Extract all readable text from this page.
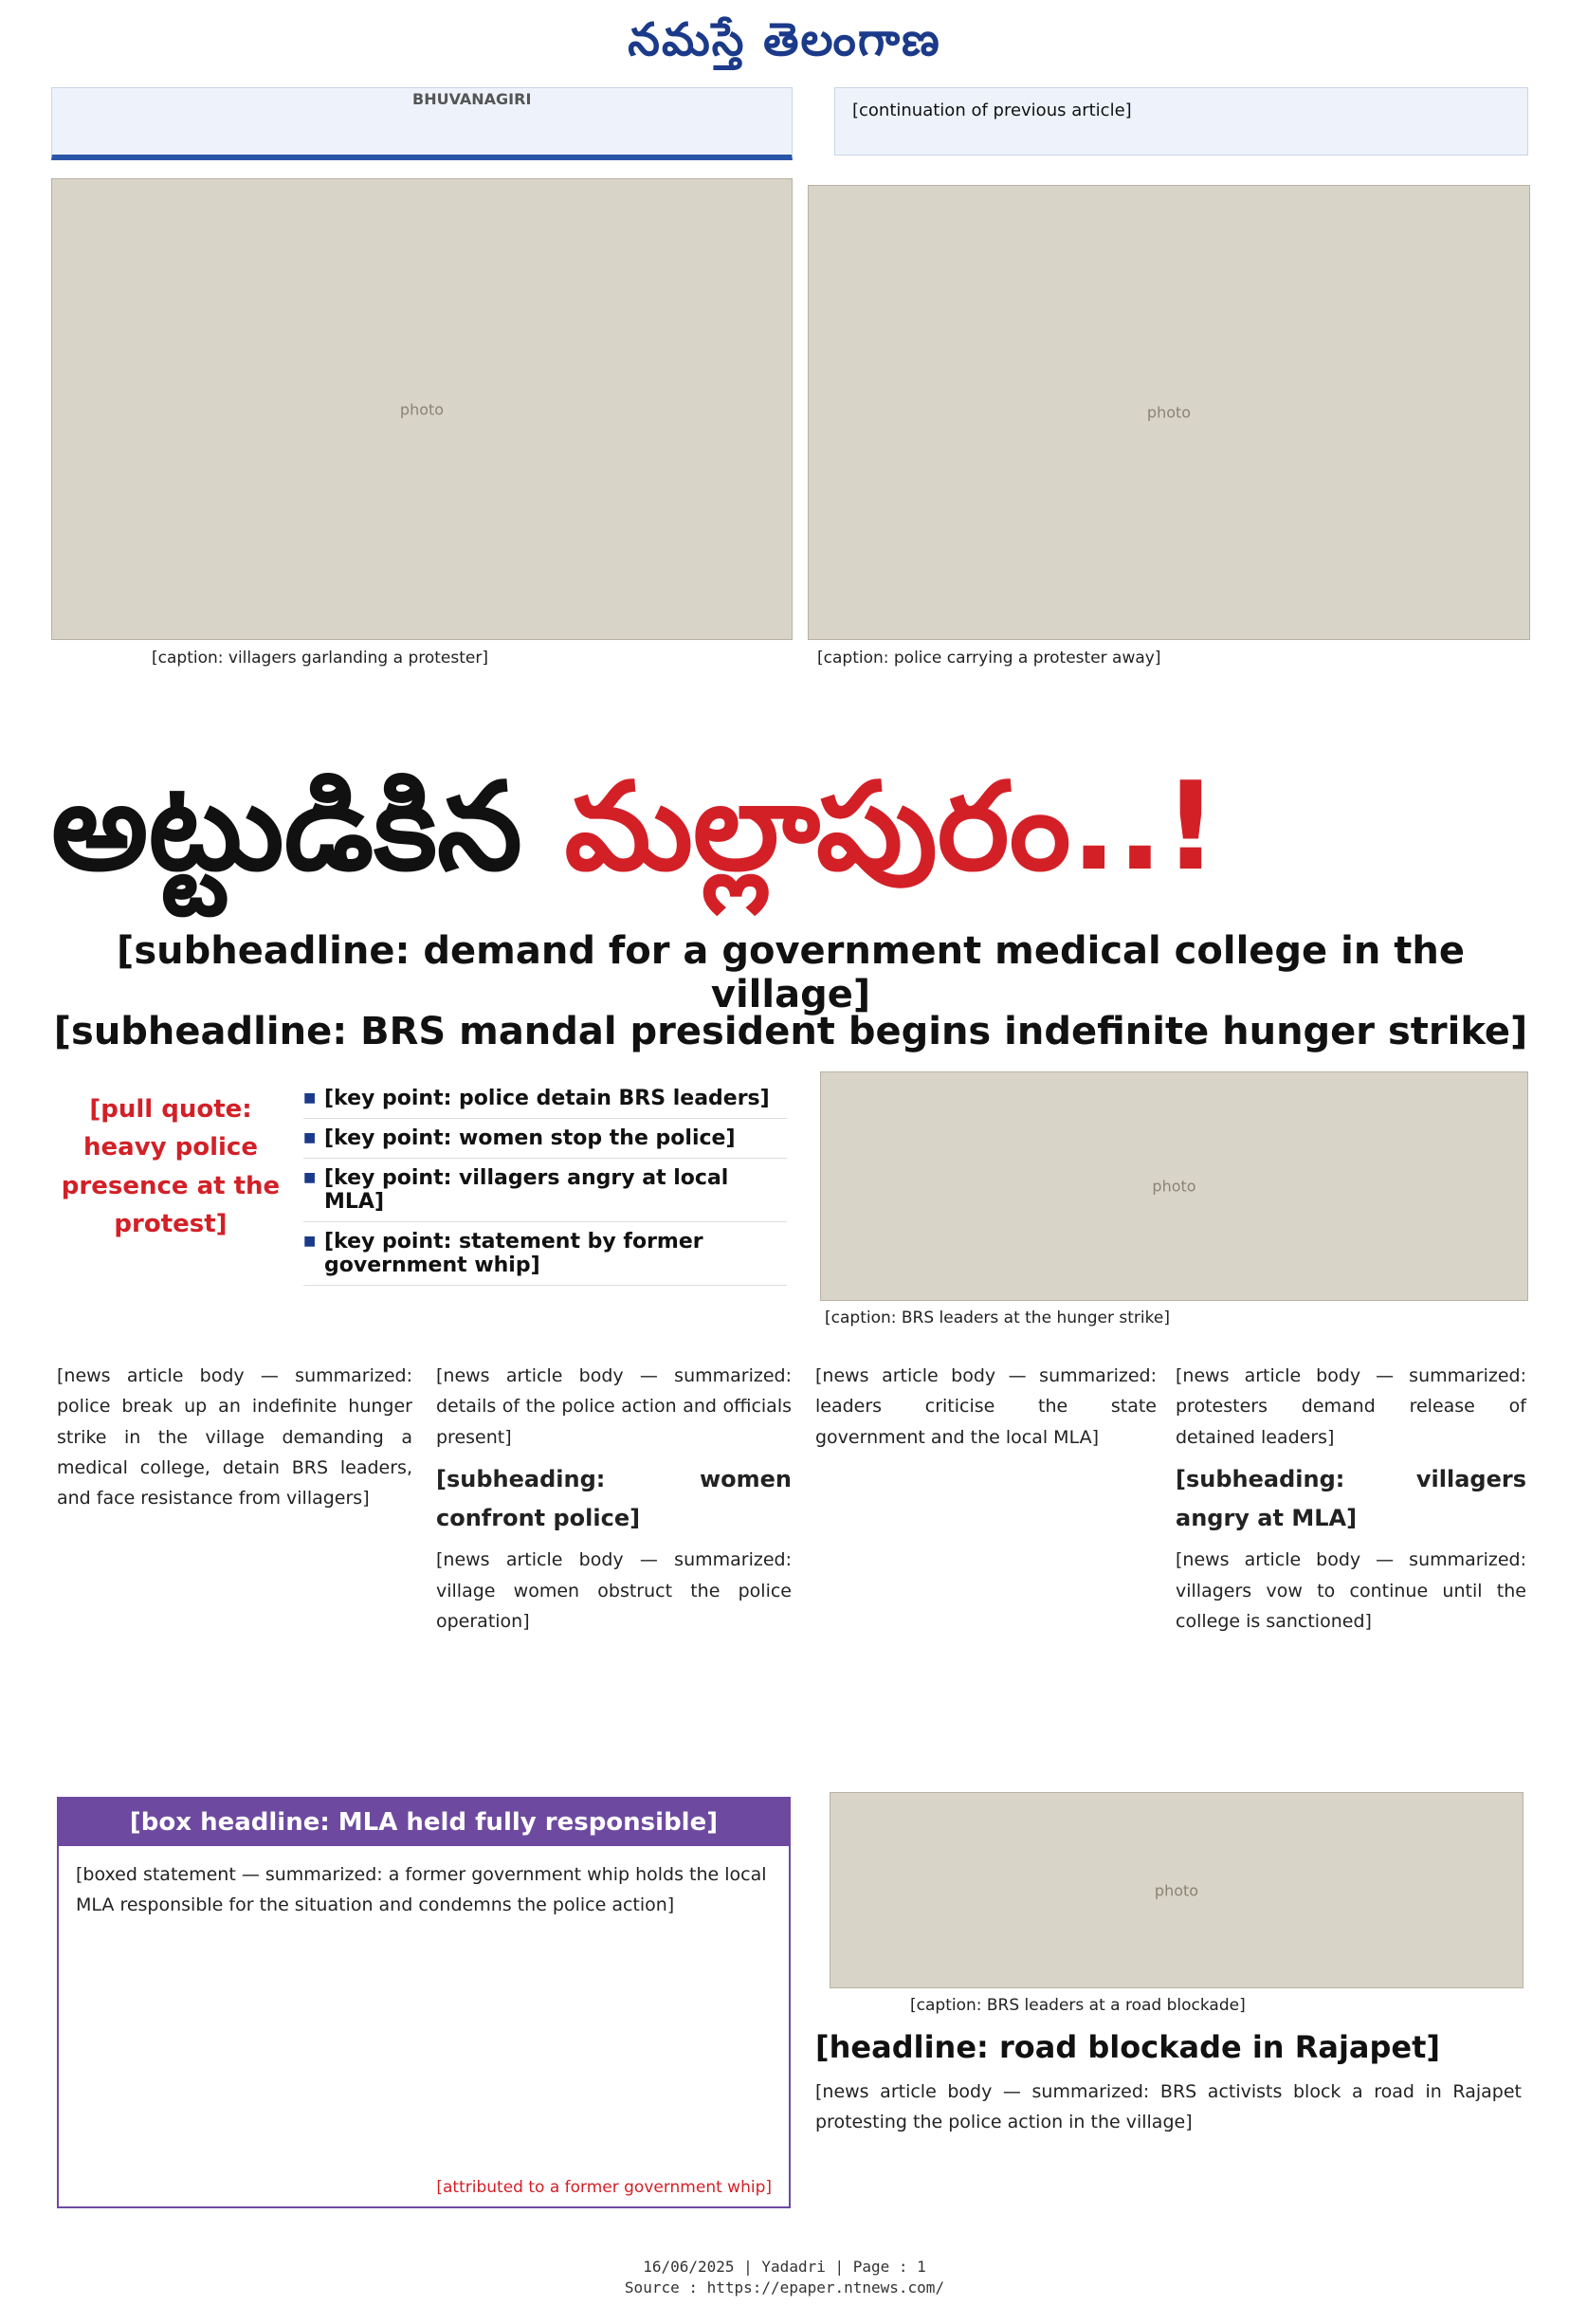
నమస్తే తెలంగాణ
BHUVANAGIRI
[continuation of previous article]
photo
[caption: villagers garlanding a protester]
photo
[caption: police carrying a protester away]
అట్టుడికిన మల్లాపురం..!
[subheadline: demand for a government medical college in the village]
[subheadline: BRS mandal president begins indefinite hunger strike]
[pull quote: heavy police presence at the protest]
■ [key point: police detain BRS leaders]
■ [key point: women stop the police]
■ [key point: villagers angry at local MLA]
■ [key point: statement by former government whip]
photo
[caption: BRS leaders at the hunger strike]
[news article body — summarized: police break up an indefinite hunger strike in the village demanding a medical college, detain BRS leaders, and face resistance from villagers]
[news article body — summarized: details of the police action and officials present]
[subheading: women confront police]
[news article body — summarized: village women obstruct the police operation]
[news article body — summarized: leaders criticise the state government and the local MLA]
[news article body — summarized: protesters demand release of detained leaders]
[subheading: villagers angry at MLA]
[news article body — summarized: villagers vow to continue until the college is sanctioned]
[box headline: MLA held fully responsible]
[boxed statement — summarized: a former government whip holds the local MLA responsible for the situation and condemns the police action]
[attributed to a former government whip]
photo
[caption: BRS leaders at a road blockade]
[headline: road blockade in Rajapet]
[news article body — summarized: BRS activists block a road in Rajapet protesting the police action in the village]
16/06/2025 | Yadadri | Page : 1
Source : https://epaper.ntnews.com/
